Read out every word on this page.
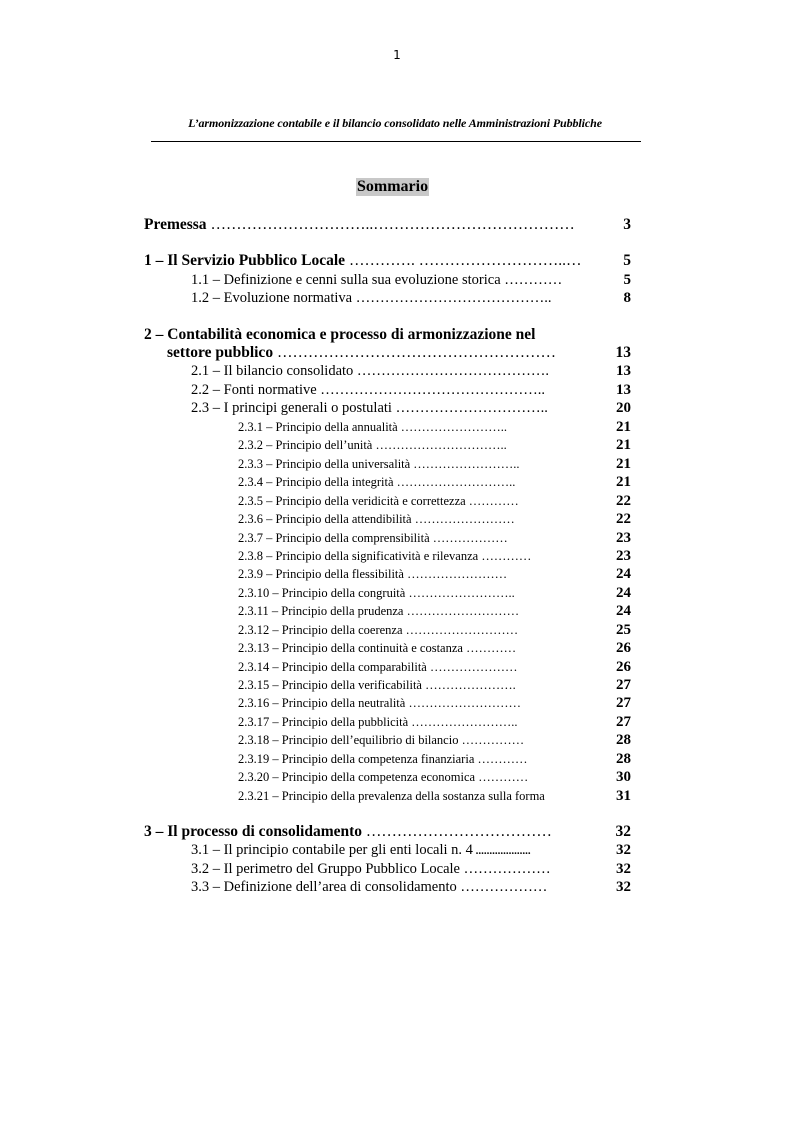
1
L’armonizzazione contabile e il bilancio consolidato nelle Amministrazioni Pubbliche
Sommario
Premessa …………………………..…………………………………	3
1 – Il Servizio Pubblico Locale …………. ………………………..…	5
1.1 – Definizione e cenni sulla sua evoluzione storica …………	5
1.2 – Evoluzione normativa …………………………………..	8
2 – Contabilità economica e processo di armonizzazione nel
settore pubblico ………………………………………………	13
2.1 – Il bilancio consolidato ………………………………….	13
2.2 – Fonti normative ………………………………………..	13
2.3 – I principi generali o postulati …………………………..	20
2.3.1 – Principio della annualità ……………………..	21
2.3.2 – Principio dell’unità …………………………..	21
2.3.3 – Principio della universalità ……………………..	21
2.3.4 – Principio della integrità ………………………..	21
2.3.5 – Principio della veridicità e correttezza …………	22
2.3.6 – Principio della attendibilità ……………………	22
2.3.7 – Principio della comprensibilità ………………	23
2.3.8 – Principio della significatività e rilevanza …………	23
2.3.9 – Principio della flessibilità ……………………	24
2.3.10 – Principio della congruità ……………………..	24
2.3.11 – Principio della prudenza ………………………	24
2.3.12 – Principio della coerenza ………………………	25
2.3.13 – Principio della continuità e costanza …………	26
2.3.14 – Principio della comparabilità …………………	26
2.3.15 – Principio della verificabilità ………………….	27
2.3.16 – Principio della neutralità ………………………	27
2.3.17 – Principio della pubblicità ……………………..	27
2.3.18 – Principio dell’equilibrio di bilancio ……………	28
2.3.19 – Principio della competenza finanziaria …………	28
2.3.20 – Principio della competenza economica …………	30
2.3.21 – Principio della prevalenza della sostanza sulla forma	31
3 – Il processo di consolidamento ………………………………	32
3.1 – Il principio contabile per gli enti locali n. 4 ....................	32
3.2 – Il perimetro del Gruppo Pubblico Locale ………………	32
3.3 – Definizione dell’area di consolidamento ………………	32
